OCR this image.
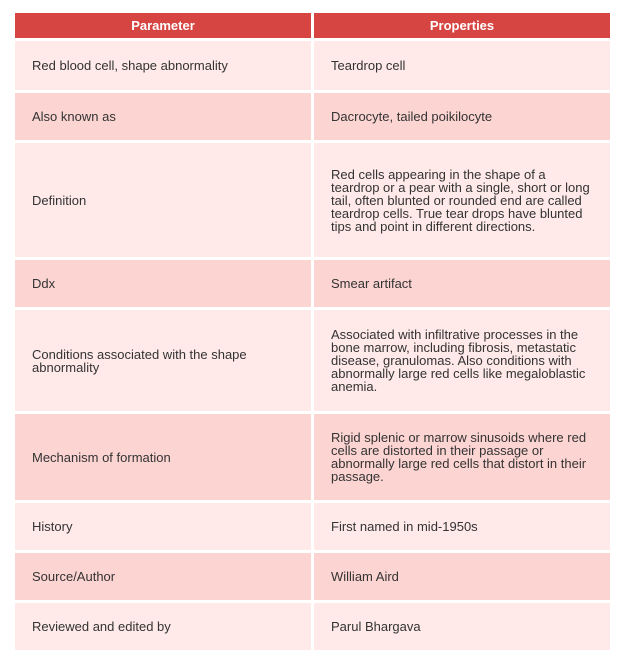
Parameter	Properties
Red blood cell, shape abnormality	Teardrop cell
Also known as	Dacrocyte, tailed poikilocyte
Definition	Red cells appearing in the shape of a teardrop or a pear with a single, short or long tail, often blunted or rounded end are called teardrop cells. True tear drops have blunted tips and point in different directions.
Ddx	Smear artifact
Conditions associated with the shape abnormality	Associated with infiltrative processes in the bone marrow, including fibrosis, metastatic disease, granulomas. Also conditions with abnormally large red cells like megaloblastic anemia.
Mechanism of formation	Rigid splenic or marrow sinusoids where red cells are distorted in their passage or abnormally large red cells that distort in their passage.
History	First named in mid-1950s
Source/Author	William Aird
Reviewed and edited by	Parul Bhargava
